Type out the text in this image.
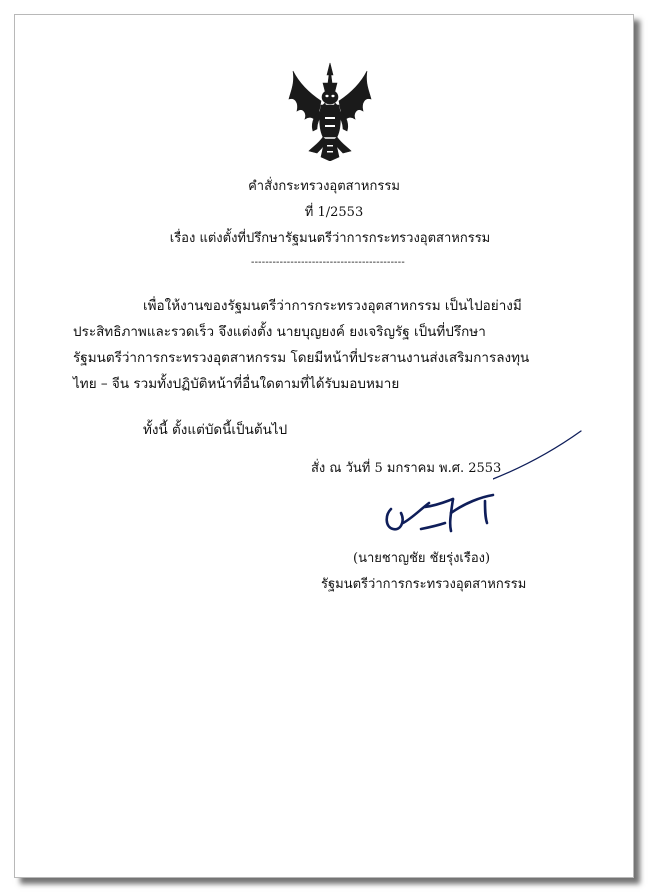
คำสั่งกระทรวงอุตสาหกรรม
ที่ 1/2553
เรื่อง แต่งตั้งที่ปรึกษารัฐมนตรีว่าการกระทรวงอุตสาหกรรม
-------------------------------------------
เพื่อให้งานของรัฐมนตรีว่าการกระทรวงอุตสาหกรรม เป็นไปอย่างมี
ประสิทธิภาพและรวดเร็ว จึงแต่งตั้ง นายบุญยงค์ ยงเจริญรัฐ เป็นที่ปรึกษา
รัฐมนตรีว่าการกระทรวงอุตสาหกรรม โดยมีหน้าที่ประสานงานส่งเสริมการลงทุน
ไทย – จีน รวมทั้งปฏิบัติหน้าที่อื่นใดตามที่ได้รับมอบหมาย
ทั้งนี้ ตั้งแต่บัดนี้เป็นต้นไป
สั่ง ณ วันที่ 5 มกราคม พ.ศ. 2553
(นายชาญชัย ชัยรุ่งเรือง)
รัฐมนตรีว่าการกระทรวงอุตสาหกรรม
